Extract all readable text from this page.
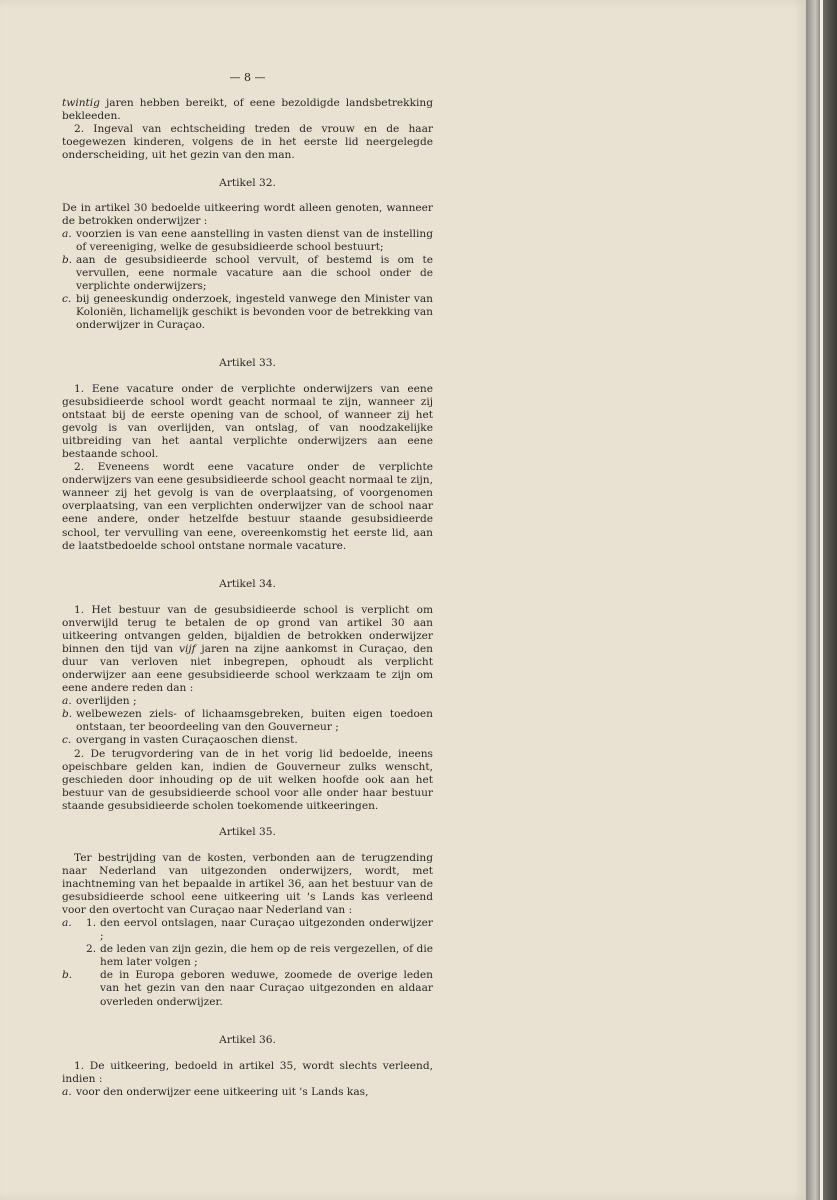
— 8 —

twintig jaren hebben bereikt, of eene bezoldigde landsbetrekking bekleeden.

2. Ingeval van echtscheiding treden de vrouw en de haar toegewezen kinderen, volgens de in het eerste lid neergelegde onderscheiding, uit het gezin van den man.

Artikel 32.

De in artikel 30 bedoelde uitkeering wordt alleen genoten, wanneer de betrokken onderwijzer :

a. voorzien is van eene aanstelling in vasten dienst van de instelling of vereeniging, welke de gesubsidieerde school bestuurt;
b. aan de gesubsidieerde school vervult, of bestemd is om te vervullen, eene normale vacature aan die school onder de verplichte onderwijzers;
c. bij geneeskundig onderzoek, ingesteld vanwege den Minister van Koloniën, lichamelijk geschikt is bevonden voor de betrekking van onderwijzer in Curaçao.
Artikel 33.

1. Eene vacature onder de verplichte onderwijzers van eene gesubsidieerde school wordt geacht normaal te zijn, wanneer zij ontstaat bij de eerste opening van de school, of wanneer zij het gevolg is van overlijden, van ontslag, of van noodzakelijke uitbreiding van het aantal verplichte onderwijzers aan eene bestaande school.

2. Eveneens wordt eene vacature onder de verplichte onderwijzers van eene gesubsidieerde school geacht normaal te zijn, wanneer zij het gevolg is van de overplaatsing, of voorgenomen overplaatsing, van een verplichten onderwijzer van de school naar eene andere, onder hetzelfde bestuur staande gesubsidieerde school, ter vervulling van eene, overeenkomstig het eerste lid, aan de laatstbedoelde school ontstane normale vacature.

Artikel 34.

1. Het bestuur van de gesubsidieerde school is verplicht om onverwijld terug te betalen de op grond van artikel 30 aan uitkeering ontvangen gelden, bijaldien de betrokken onderwijzer binnen den tijd van vijf jaren na zijne aankomst in Curaçao, den duur van verloven niet inbegrepen, ophoudt als verplicht onderwijzer aan eene gesubsidieerde school werkzaam te zijn om eene andere reden dan :

a. overlijden ;
b. welbewezen ziels- of lichaamsgebreken, buiten eigen toedoen ontstaan, ter beoordeeling van den Gouverneur ;
c. overgang in vasten Curaçaoschen dienst.

2. De terugvordering van de in het vorig lid bedoelde, ineens opeischbare gelden kan, indien de Gouverneur zulks wenscht, geschieden door inhouding op de uit welken hoofde ook aan het bestuur van de gesubsidieerde school voor alle onder haar bestuur staande gesubsidieerde scholen toekomende uitkeeringen.

Artikel 35.

Ter bestrijding van de kosten, verbonden aan de terugzending naar Nederland van uitgezonden onderwijzers, wordt, met inachtneming van het bepaalde in artikel 36, aan het bestuur van de gesubsidieerde school eene uitkeering uit 's Lands kas verleend voor den overtocht van Curaçao naar Nederland van :

a. 1. den eervol ontslagen, naar Curaçao uitgezonden onderwijzer ;
2. de leden van zijn gezin, die hem op de reis vergezellen, of die hem later volgen ;
b.	de in Europa geboren weduwe, zoomede de overige leden van het gezin van den naar Curaçao uitgezonden en aldaar overleden onderwijzer.
Artikel 36.

1. De uitkeering, bedoeld in artikel 35, wordt slechts verleend, indien :

a. voor den onderwijzer eene uitkeering uit 's Lands kas,
